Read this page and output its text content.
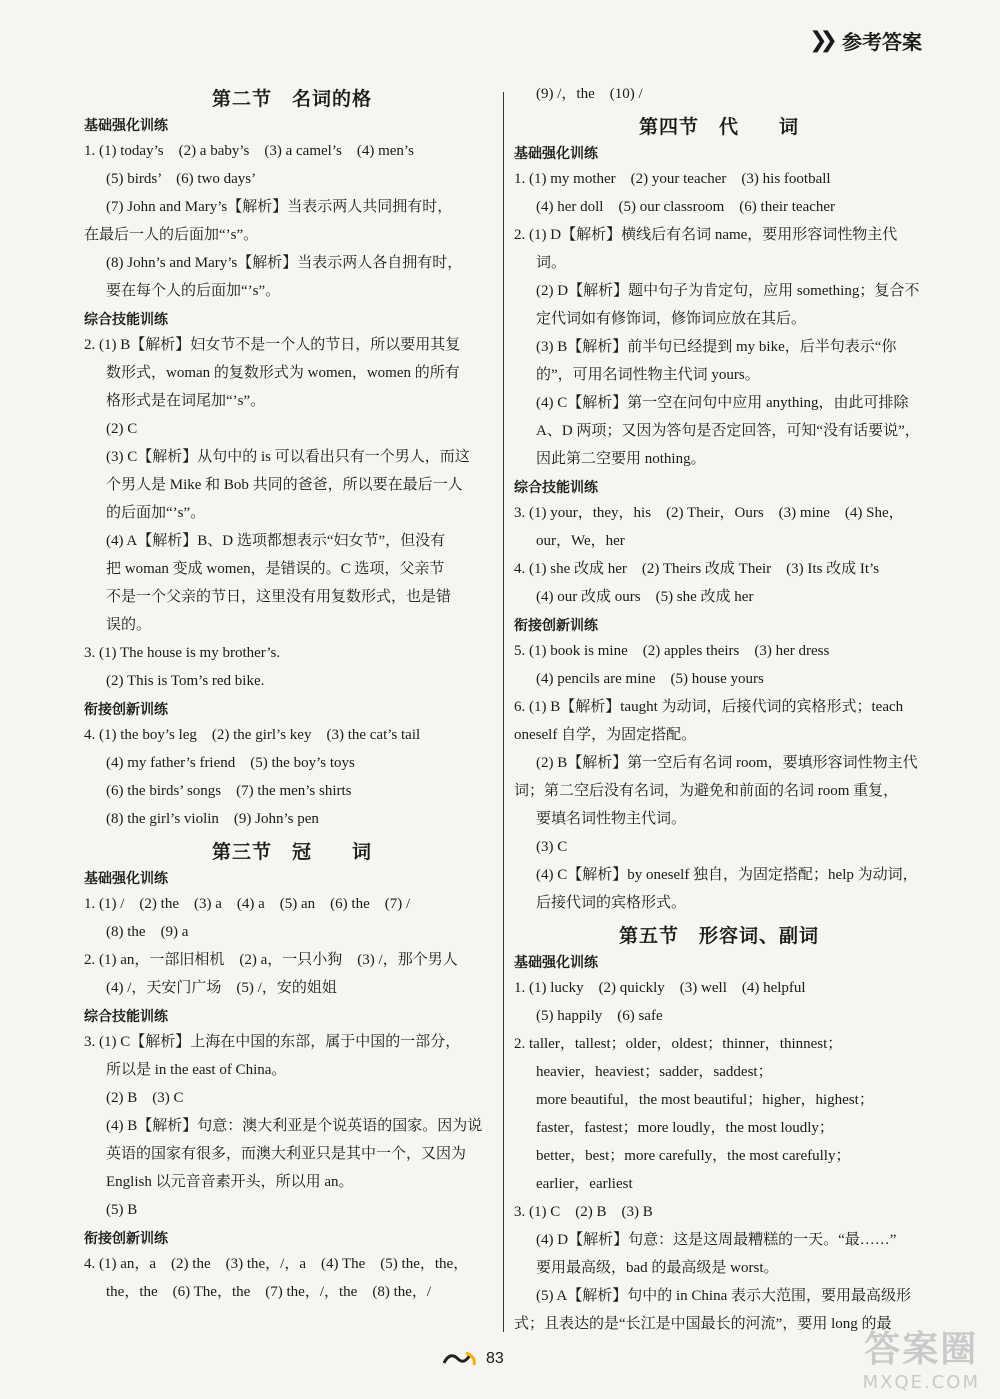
❯❯ 参考答案
第二节　名词的格
基础强化训练
1. (1) today’s　(2) a baby’s　(3) a camel’s　(4) men’s
(5) birds’　(6) two days’
(7) John and Mary’s【解析】当表示两人共同拥有时，
在最后一人的后面加“’s”。
(8) John’s and Mary’s【解析】当表示两人各自拥有时，
要在每个人的后面加“’s”。
综合技能训练
2. (1) B【解析】妇女节不是一个人的节日，所以要用其复
数形式，woman 的复数形式为 women，women 的所有
格形式是在词尾加“’s”。
(2) C
(3) C【解析】从句中的 is 可以看出只有一个男人，而这
个男人是 Mike 和 Bob 共同的爸爸，所以要在最后一人
的后面加“’s”。
(4) A【解析】B、D 选项都想表示“妇女节”，但没有
把 woman 变成 women，是错误的。C 选项，父亲节
不是一个父亲的节日，这里没有用复数形式，也是错
误的。
3. (1) The house is my brother’s.
(2) This is Tom’s red bike.
衔接创新训练
4. (1) the boy’s leg　(2) the girl’s key　(3) the cat’s tail
(4) my father’s friend　(5) the boy’s toys
(6) the birds’ songs　(7) the men’s shirts
(8) the girl’s violin　(9) John’s pen
第三节　冠　　词
基础强化训练
1. (1) /　(2) the　(3) a　(4) a　(5) an　(6) the　(7) /
(8) the　(9) a
2. (1) an，一部旧相机　(2) a，一只小狗　(3) /，那个男人
(4) /，天安门广场　(5) /，安的姐姐
综合技能训练
3. (1) C【解析】上海在中国的东部，属于中国的一部分，
所以是 in the east of China。
(2) B　(3) C
(4) B【解析】句意：澳大利亚是个说英语的国家。因为说
英语的国家有很多，而澳大利亚只是其中一个，又因为
English 以元音音素开头，所以用 an。
(5) B
衔接创新训练
4. (1) an，a　(2) the　(3) the，/，a　(4) The　(5) the，the，
the，the　(6) The，the　(7) the，/，the　(8) the，/
(9) /，the　(10) /
第四节　代　　词
基础强化训练
1. (1) my mother　(2) your teacher　(3) his football
(4) her doll　(5) our classroom　(6) their teacher
2. (1) D【解析】横线后有名词 name，要用形容词性物主代词。
(2) D【解析】题中句子为肯定句，应用 something；复合不
定代词如有修饰词，修饰词应放在其后。
(3) B【解析】前半句已经提到 my bike，后半句表示“你
的”，可用名词性物主代词 yours。
(4) C【解析】第一空在问句中应用 anything，由此可排除
A、D 两项；又因为答句是否定回答，可知“没有话要说”，
因此第二空要用 nothing。
综合技能训练
3. (1) your，they，his　(2) Their，Ours　(3) mine　(4) She，
our，We，her
4. (1) she 改成 her　(2) Theirs 改成 Their　(3) Its 改成 It’s
(4) our 改成 ours　(5) she 改成 her
衔接创新训练
5. (1) book is mine　(2) apples theirs　(3) her dress
(4) pencils are mine　(5) house yours
6. (1) B【解析】taught 为动词，后接代词的宾格形式；teach
oneself 自学，为固定搭配。
(2) B【解析】第一空后有名词 room，要填形容词性物主代
词；第二空后没有名词，为避免和前面的名词 room 重复，
要填名词性物主代词。
(3) C
(4) C【解析】by oneself 独自，为固定搭配；help 为动词，
后接代词的宾格形式。
第五节　形容词、副词
基础强化训练
1. (1) lucky　(2) quickly　(3) well　(4) helpful
(5) happily　(6) safe
2. taller，tallest；older，oldest；thinner，thinnest；
heavier，heaviest；sadder，saddest；
more beautiful，the most beautiful；higher，highest；
faster，fastest；more loudly，the most loudly；
better，best；more carefully，the most carefully；
earlier，earliest
3. (1) C　(2) B　(3) B
(4) D【解析】句意：这是这周最糟糕的一天。“最……”
要用最高级，bad 的最高级是 worst。
(5) A【解析】句中的 in China 表示大范围，要用最高级形
式；且表达的是“长江是中国最长的河流”，要用 long 的最
83	答案圈
MXQE.COM
